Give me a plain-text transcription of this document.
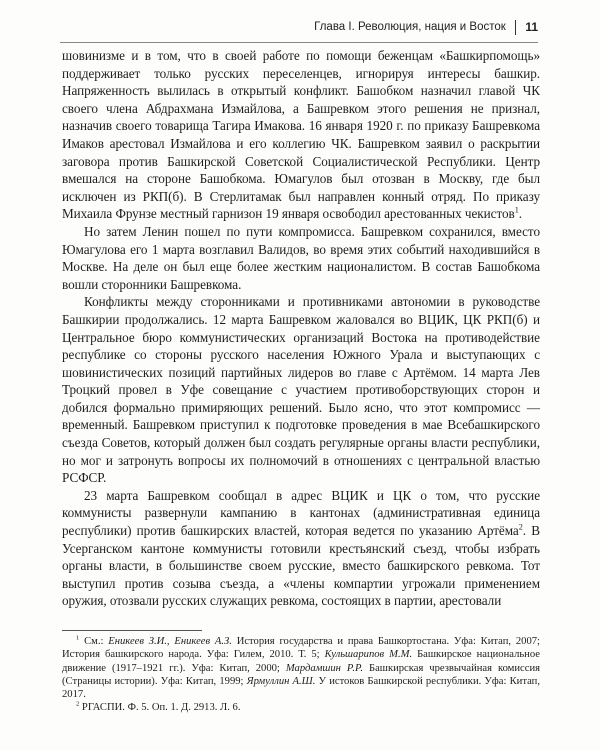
Глава I. Революция, нация и Восток 11

шовинизме и в том, что в своей работе по помощи беженцам «Башкирпомощь» поддерживает только русских переселенцев, игнорируя интересы башкир. Напряженность вылилась в открытый конфликт. Башобком назначил главой ЧК своего члена Абдрахмана Измайлова, а Башревком этого решения не признал, назначив своего товарища Тагира Имакова. 16 января 1920 г. по приказу Башревкома Имаков арестовал Измайлова и его коллегию ЧК. Башревком заявил о раскрытии заговора против Башкирской Советской Социалистической Республики. Центр вмешался на стороне Башобкома. Юмагулов был отозван в Москву, где был исключен из РКП(б). В Стерлитамак был направлен конный отряд. По приказу Михаила Фрунзе местный гарнизон 19 января освободил арестованных чекистов$^1$.

Но затем Ленин пошел по пути компромисса. Башревком сохранился, вместо Юмагулова его 1 марта возглавил Валидов, во время этих событий находившийся в Москве. На деле он был еще более жестким националистом. В состав Башобкома вошли сторонники Башревкома.

Конфликты между сторонниками и противниками автономии в руководстве Башкирии продолжались. 12 марта Башревком жаловался во ВЦИК, ЦК РКП(б) и Центральное бюро коммунистических организаций Востока на противодействие республике со стороны русского населения Южного Урала и выступающих с шовинистических позиций партийных лидеров во главе с Артёмом. 14 марта Лев Троцкий провел в Уфе совещание с участием противоборствующих сторон и добился формально примиряющих решений. Было ясно, что этот компромисс — временный. Башревком приступил к подготовке проведения в мае Всебашкирского съезда Советов, который должен был создать регулярные органы власти республики, но мог и затронуть вопросы их полномочий в отношениях с центральной властью РСФСР.

23 марта Башревком сообщал в адрес ВЦИК и ЦК о том, что русские коммунисты развернули кампанию в кантонах (административная единица республики) против башкирских властей, которая ведется по указанию Артёма$^2$. В Усерганском кантоне коммунисты готовили крестьянский съезд, чтобы избрать органы власти, в большинстве своем русские, вместо башкирского ревкома. Тот выступил против созыва съезда, а «члены компартии угрожали применением оружия, отозвали русских служащих ревкома, состоящих в партии, арестовали

$^1$ См.: Еникеев З.И., Еникеев А.З. История государства и права Башкортостана. Уфа: Китап, 2007; История башкирского народа. Уфа: Гилем, 2010. Т. 5; Кульшарипов М.М. Башкирское национальное движение (1917–1921 гг.). Уфа: Китап, 2000; Мардамшин Р.Р. Башкирская чрезвычайная комиссия (Страницы истории). Уфа: Китап, 1999; Ярмуллин А.Ш. У истоков Башкирской республики. Уфа: Китап, 2017.

$^2$ РГАСПИ. Ф. 5. Оп. 1. Д. 2913. Л. 6.
